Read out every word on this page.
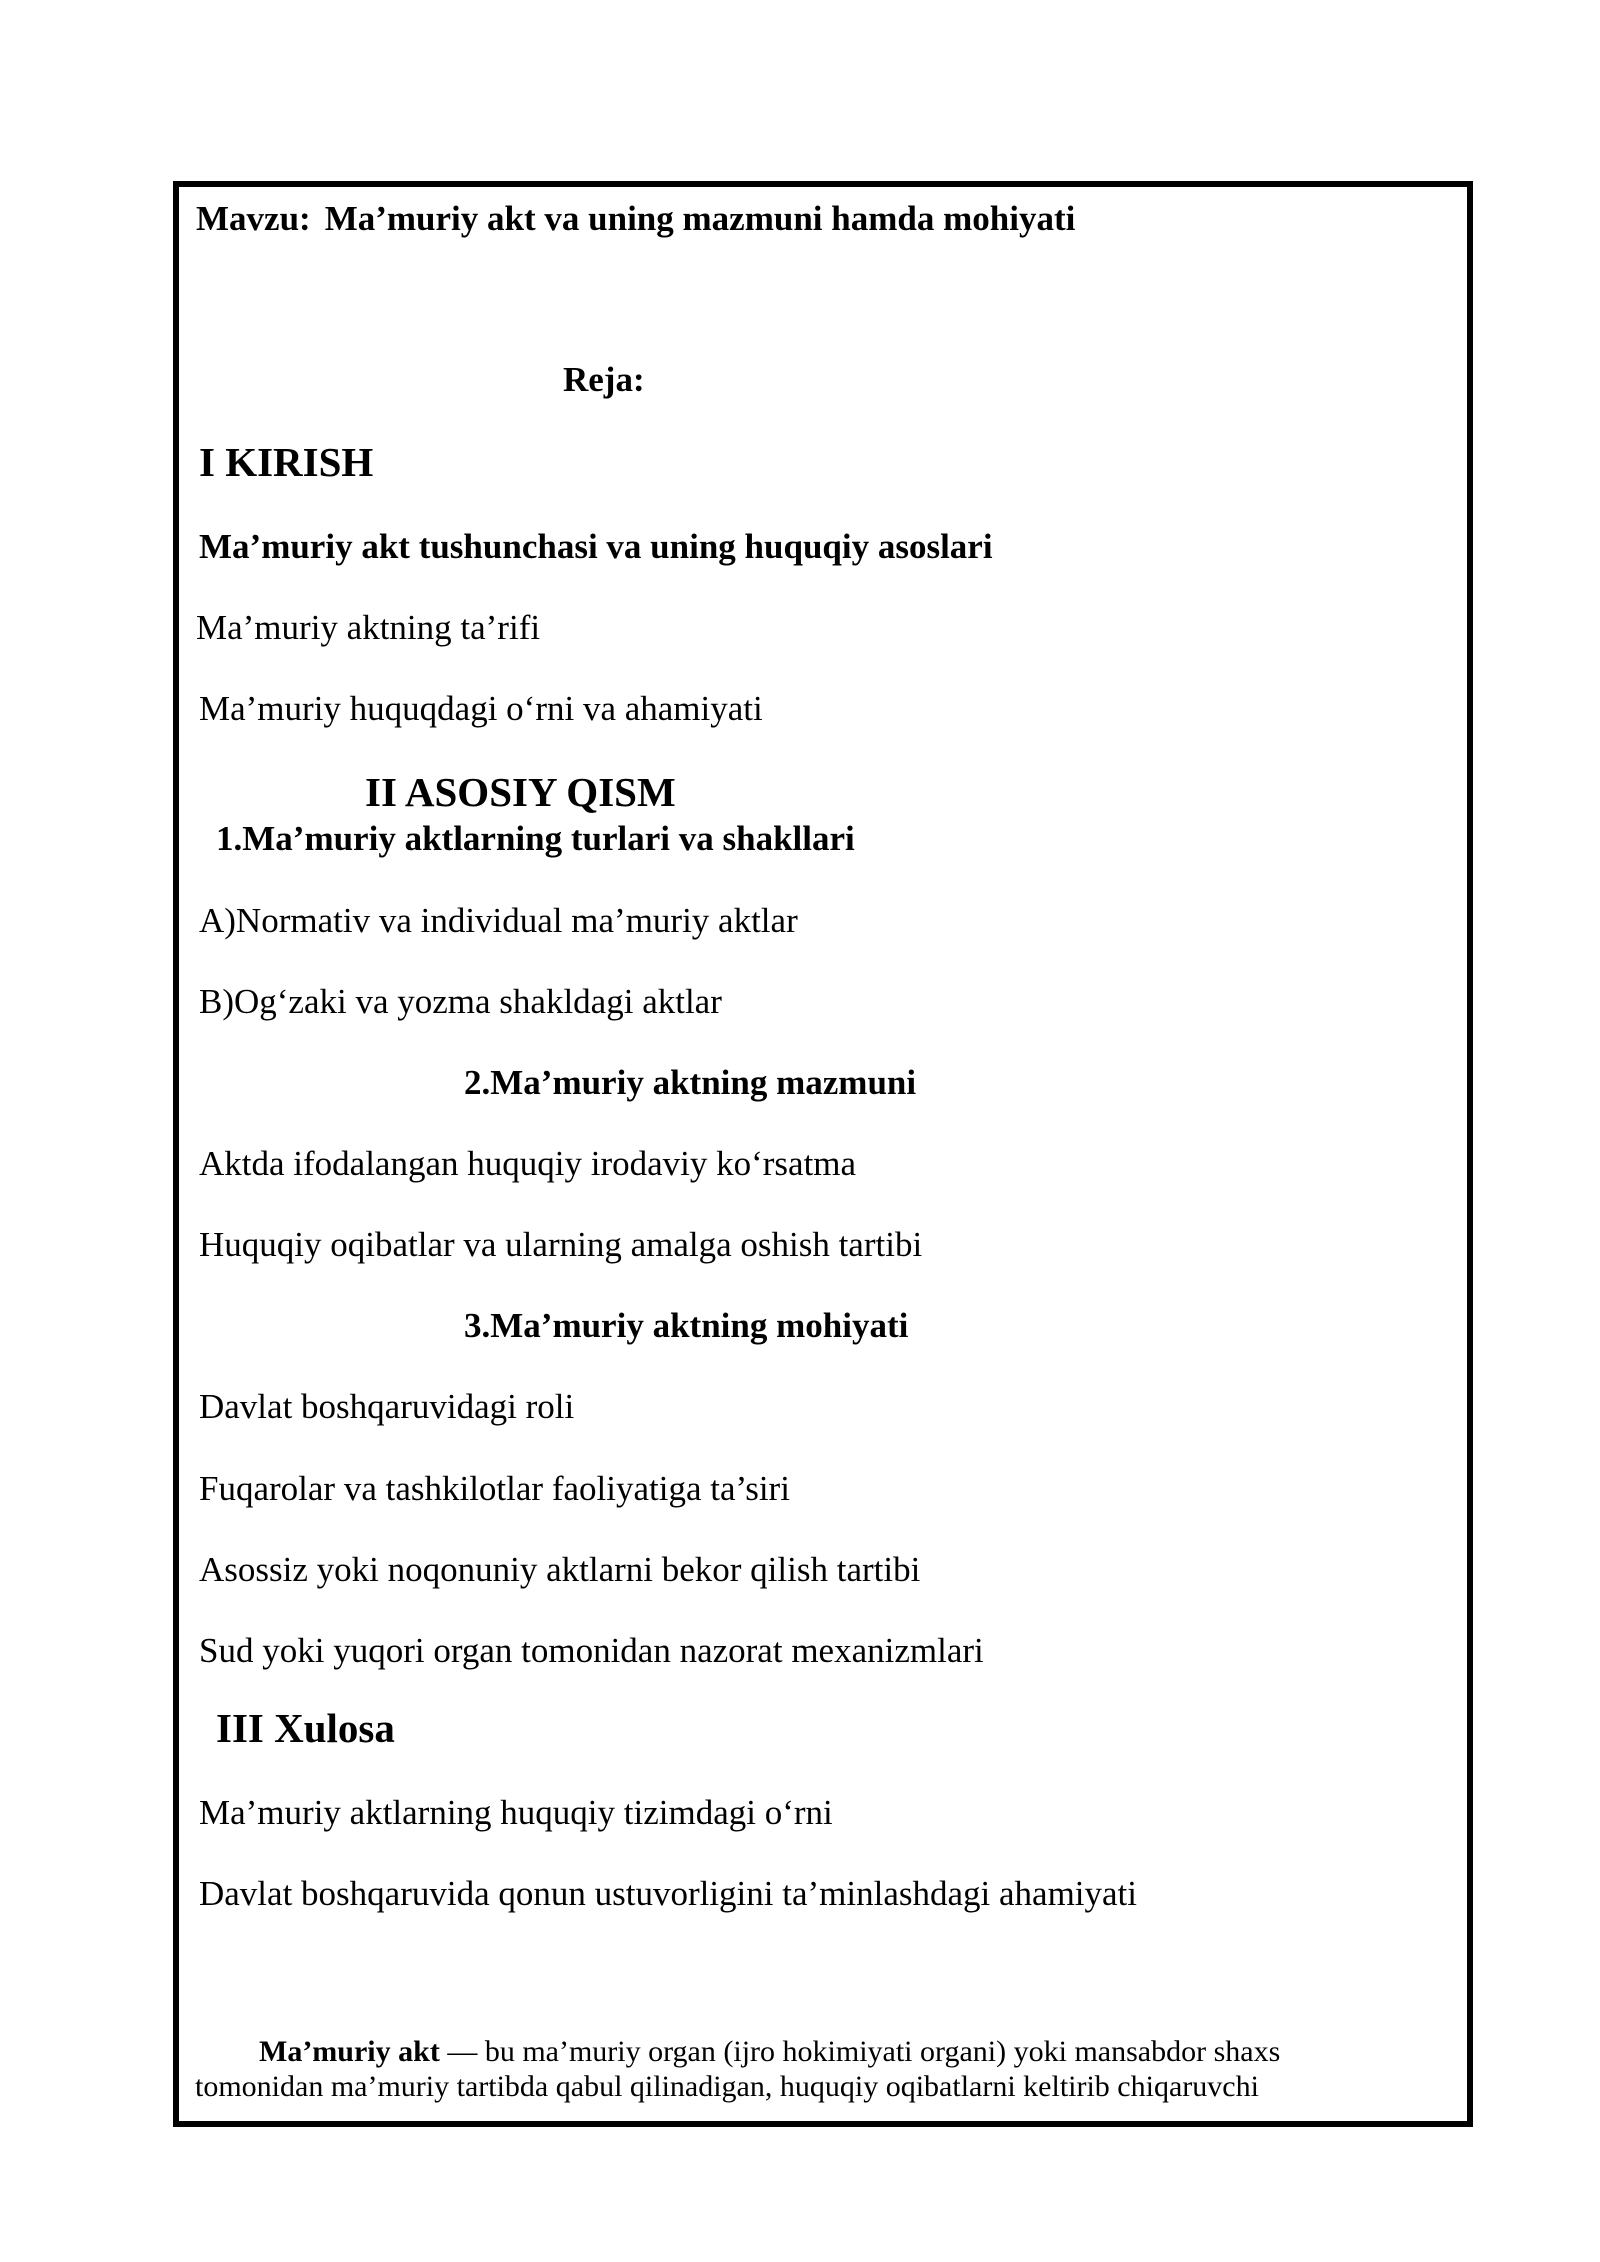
Mavzu: Ma’muriy akt va uning mazmuni hamda mohiyati
Reja:
I KIRISH
Ma’muriy akt tushunchasi va uning huquqiy asoslari
Ma’muriy aktning ta’rifi
Ma’muriy huquqdagi o‘rni va ahamiyati
II ASOSIY QISM
1.Ma’muriy aktlarning turlari va shakllari
A)Normativ va individual ma’muriy aktlar
B)Og‘zaki va yozma shakldagi aktlar
2.Ma’muriy aktning mazmuni
Aktda ifodalangan huquqiy irodaviy ko‘rsatma
Huquqiy oqibatlar va ularning amalga oshish tartibi
3.Ma’muriy aktning mohiyati
Davlat boshqaruvidagi roli
Fuqarolar va tashkilotlar faoliyatiga ta’siri
Asossiz yoki noqonuniy aktlarni bekor qilish tartibi
Sud yoki yuqori organ tomonidan nazorat mexanizmlari
III Xulosa
Ma’muriy aktlarning huquqiy tizimdagi o‘rni
Davlat boshqaruvida qonun ustuvorligini ta’minlashdagi ahamiyati
Ma’muriy akt — bu ma’muriy organ (ijro hokimiyati organi) yoki mansabdor shaxs
tomonidan ma’muriy tartibda qabul qilinadigan, huquqiy oqibatlarni keltirib chiqaruvchi
